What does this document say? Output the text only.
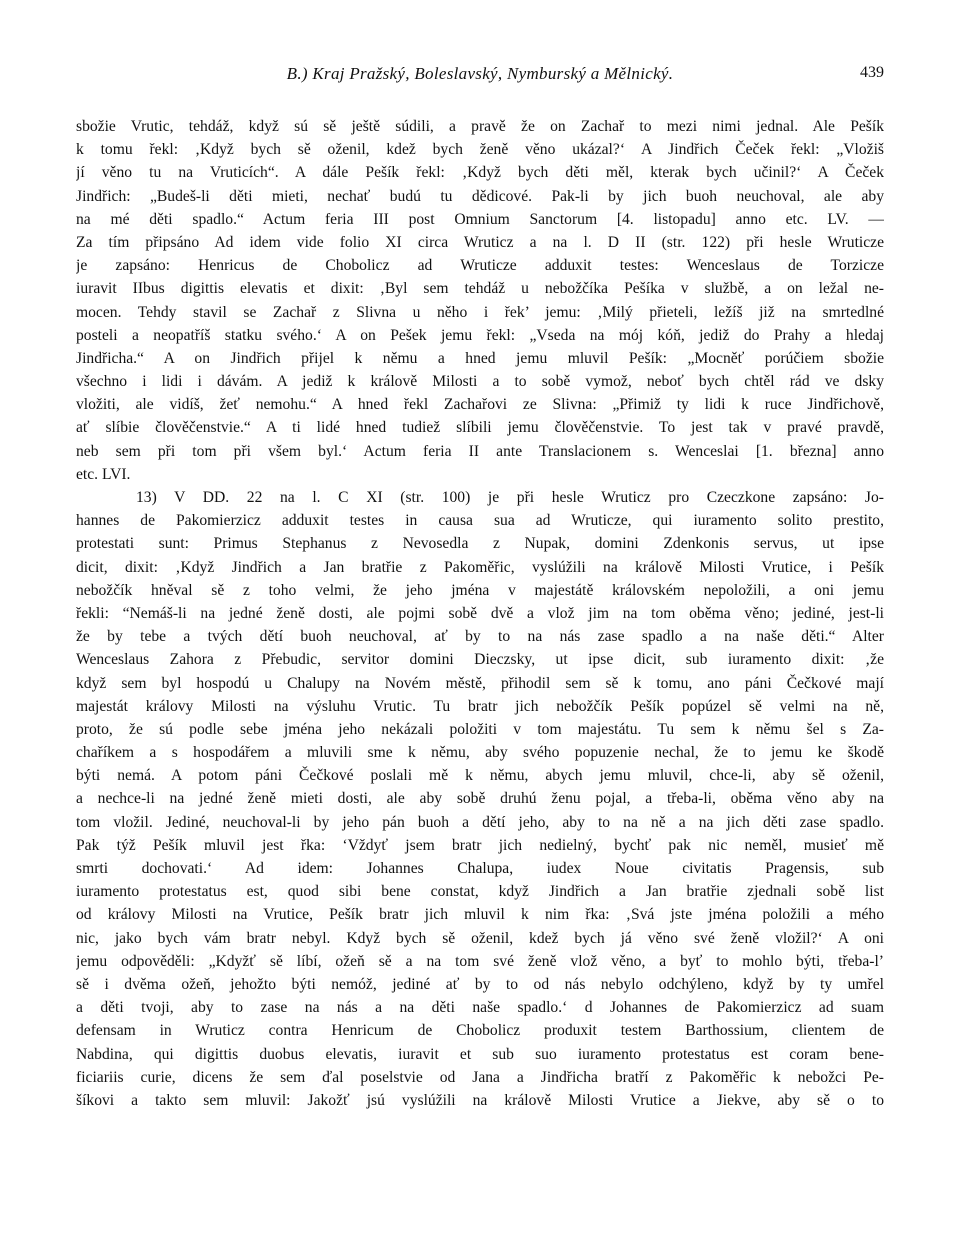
B.) Kraj Pražský, Boleslavský, Nymburský a Mělnický.	439
sbožie Vrutic, tehdáž, když sú sě ještě súdili, a pravě že on Zachař to mezi nimi jednal. Ale Pešík
k tomu řekl: ‚Když bych sě oženil, kdež bych ženě věno ukázal?‘ A Jindřich Čeček řekl: „Vložiš
jí věno tu na Vruticích“. A dále Pešík řekl: ‚Když bych děti měl, kterak bych učinil?‘ A Čeček
Jindřich: „Budeš-li děti mieti, nechať budú tu dědicové. Pak-li by jich buoh neuchoval, ale aby
na mé děti spadlo.“ Actum feria III post Omnium Sanctorum [4. listopadu] anno etc. LV. —
Za tím připsáno Ad idem vide folio XI circa Wruticz a na l. D II (str. 122) při hesle Wruticze
je zapsáno: Henricus de Chobolicz ad Wruticze adduxit testes: Wenceslaus de Torzicze
iuravit IIbus digittis elevatis et dixit: ‚Byl sem tehdáž u nebožčíka Pešíka v službě, a on ležal ne-
mocen. Tehdy stavil se Zachař z Slivna u něho i řek’ jemu: ‚Milý přieteli, ležíš již na smrtedlné
posteli a neopatříš statku svého.‘ A on Pešek jemu řekl: „Vseda na mój kóň, jediž do Prahy a hledaj
Jindřicha.“ A on Jindřich přijel k němu a hned jemu mluvil Pešík: „Mocněť porúčiem sbožie
všechno i lidi i dávám. A jediž k králově Milosti a to sobě vymož, neboť bych chtěl rád ve dsky
vložiti, ale vidíš, žeť nemohu.“ A hned řekl Zachařovi ze Slivna: „Přimiž ty lidi k ruce Jindřichově,
ať slíbie člověčenstvie.“ A ti lidé hned tudiež slíbili jemu člověčenstvie. To jest tak v pravé pravdě,
neb sem při tom při všem byl.‘ Actum feria II ante Translacionem s. Wenceslai [1. března] anno
etc. LVI.
13) V DD. 22 na l. C XI (str. 100) je při hesle Wruticz pro Czeczkone zapsáno: Jo-
hannes de Pakomierzicz adduxit testes in causa sua ad Wruticze, qui iuramento solito prestito,
protestati sunt: Primus Stephanus z Nevosedla z Nupak, domini Zdenkonis servus, ut ipse
dicit, dixit: ‚Když Jindřich a Jan bratřie z Pakoměřic, vyslúžili na králově Milosti Vrutice, i Pešík
nebožčík hněval sě z toho velmi, že jeho jména v majestátě královském nepoložili, a oni jemu
řekli: “Nemáš-li na jedné ženě dosti, ale pojmi sobě dvě a vlož jim na tom oběma věno; jediné, jest-li
že by tebe a tvých dětí buoh neuchoval, ať by to na nás zase spadlo a na naše děti.“ Alter
Wenceslaus Zahora z Přebudic, servitor domini Dieczsky, ut ipse dicit, sub iuramento dixit: ‚že
když sem byl hospodú u Chalupy na Novém městě, přihodil sem sě k tomu, ano páni Čečkové mají
majestát královy Milosti na výsluhu Vrutic. Tu bratr jich nebožčík Pešík popúzel sě velmi na ně,
proto, že sú podle sebe jména jeho nekázali položiti v tom majestátu. Tu sem k němu šel s Za-
chaříkem a s hospodářem a mluvili sme k němu, aby svého popuzenie nechal, že to jemu ke škodě
býti nemá. A potom páni Čečkové poslali mě k němu, abych jemu mluvil, chce-li, aby sě oženil,
a nechce-li na jedné ženě mieti dosti, ale aby sobě druhú ženu pojal, a třeba-li, oběma věno aby na
tom vložil. Jediné, neuchoval-li by jeho pán buoh a dětí jeho, aby to na ně a na jich děti zase spadlo.
Pak týž Pešík mluvil jest řka: ‘Vždyť jsem bratr jich nedielný, bychť pak nic neměl, musieť mě
smrti dochovati.‘ Ad idem: Johannes Chalupa, iudex Noue civitatis Pragensis, sub
iuramento protestatus est, quod sibi bene constat, když Jindřich a Jan bratřie zjednali sobě list
od královy Milosti na Vrutice, Pešík bratr jich mluvil k nim řka: ‚Svá jste jména položili a mého
nic, jako bych vám bratr nebyl. Když bych sě oženil, kdež bych já věno své ženě vložil?‘ A oni
jemu odpověděli: „Kdyžť sě líbí, ožeň sě a na tom své ženě vlož věno, a byť to mohlo býti, třeba-l’
sě i dvěma ožeň, jehožto býti nemóž, jediné ať by to od nás nebylo odchýleno, když by ty umřel
a děti tvoji, aby to zase na nás a na děti naše spadlo.‘ d Johannes de Pakomierzicz ad suam
defensam in Wruticz contra Henricum de Chobolicz produxit testem Barthossium, clientem de
Nabdina, qui digittis duobus elevatis, iuravit et sub suo iuramento protestatus est coram bene-
ficiariis curie, dicens že sem ďal poselstvie od Jana a Jindřicha bratří z Pakoměřic k nebožci Pe-
šíkovi a takto sem mluvil: Jakožť jsú vyslúžili na králově Milosti Vrutice a Jiekve, aby sě o to
